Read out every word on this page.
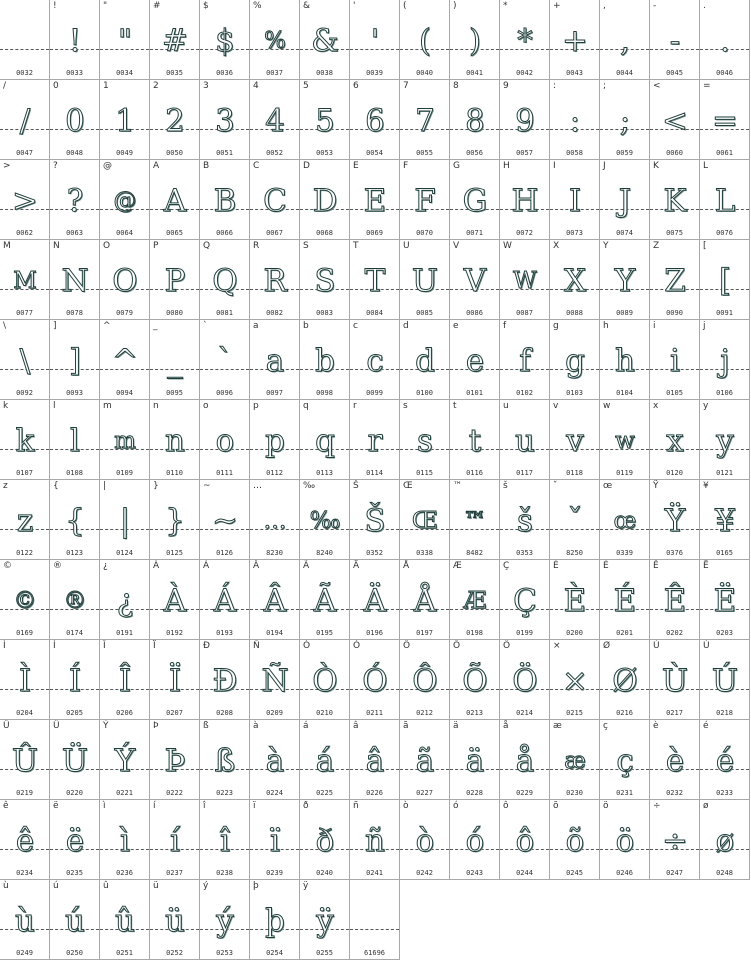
0032
!
!
0033
"
"
0034
#
#
0035
$
$
0036
%
%
0037
&
&
0038
'
'
0039
(
(
0040
)
)
0041
*
*
0042
+
+
0043
,
,
0044
-
-
0045
.
.
0046
/
/
0047
0
0
0048
1
1
0049
2
2
0050
3
3
0051
4
4
0052
5
5
0053
6
6
0054
7
7
0055
8
8
0056
9
9
0057
:
:
0058
;
;
0059
<
<
0060
=
=
0061
>
>
0062
?
?
0063
@
@
0064
A
A
0065
B
B
0066
C
C
0067
D
D
0068
E
E
0069
F
F
0070
G
G
0071
H
H
0072
I
I
0073
J
J
0074
K
K
0075
L
L
0076
M
M
0077
N
N
0078
O
O
0079
P
P
0080
Q
Q
0081
R
R
0082
S
S
0083
T
T
0084
U
U
0085
V
V
0086
W
W
0087
X
X
0088
Y
Y
0089
Z
Z
0090
[
[
0091
\
\
0092
]
]
0093
^
^
0094
_
_
0095
`
`
0096
a
a
0097
b
b
0098
c
c
0099
d
d
0100
e
e
0101
f
f
0102
g
g
0103
h
h
0104
i
i
0105
j
j
0106
k
k
0107
l
l
0108
m
m
0109
n
n
0110
o
o
0111
p
p
0112
q
q
0113
r
r
0114
s
s
0115
t
t
0116
u
u
0117
v
v
0118
w
w
0119
x
x
0120
y
y
0121
z
z
0122
{
{
0123
|
|
0124
}
}
0125
~
~
0126
…
…
8230
‰
‰
8240
Š
Š
0352
Œ
Œ
0338
™
™
8482
š
š
0353
ˇ
ˇ
8250
œ
œ
0339
Ÿ
Ÿ
0376
¥
¥
0165
©
©
0169
®
®
0174
¿
¿
0191
À
À
0192
Á
Á
0193
Â
Â
0194
Ã
Ã
0195
Ä
Ä
0196
Å
Å
0197
Æ
Æ
0198
Ç
Ç
0199
È
È
0200
É
É
0201
Ê
Ê
0202
Ë
Ë
0203
Ì
Ì
0204
Í
Í
0205
Î
Î
0206
Ï
Ï
0207
Ð
Ð
0208
Ñ
Ñ
0209
Ò
Ò
0210
Ó
Ó
0211
Ô
Ô
0212
Õ
Õ
0213
Ö
Ö
0214
×
×
0215
Ø
Ø
0216
Ù
Ù
0217
Ú
Ú
0218
Û
Û
0219
Ü
Ü
0220
Ý
Ý
0221
Þ
Þ
0222
ß
ß
0223
à
à
0224
á
á
0225
â
â
0226
ã
ã
0227
ä
ä
0228
å
å
0229
æ
æ
0230
ç
ç
0231
è
è
0232
é
é
0233
ê
ê
0234
ë
ë
0235
ì
ì
0236
í
í
0237
î
î
0238
ï
ï
0239
ð
ð
0240
ñ
ñ
0241
ò
ò
0242
ó
ó
0243
ô
ô
0244
õ
õ
0245
ö
ö
0246
÷
÷
0247
ø
ø
0248
ù
ù
0249
ú
ú
0250
û
û
0251
ü
ü
0252
ý
ý
0253
þ
þ
0254
ÿ
ÿ
0255	61696
